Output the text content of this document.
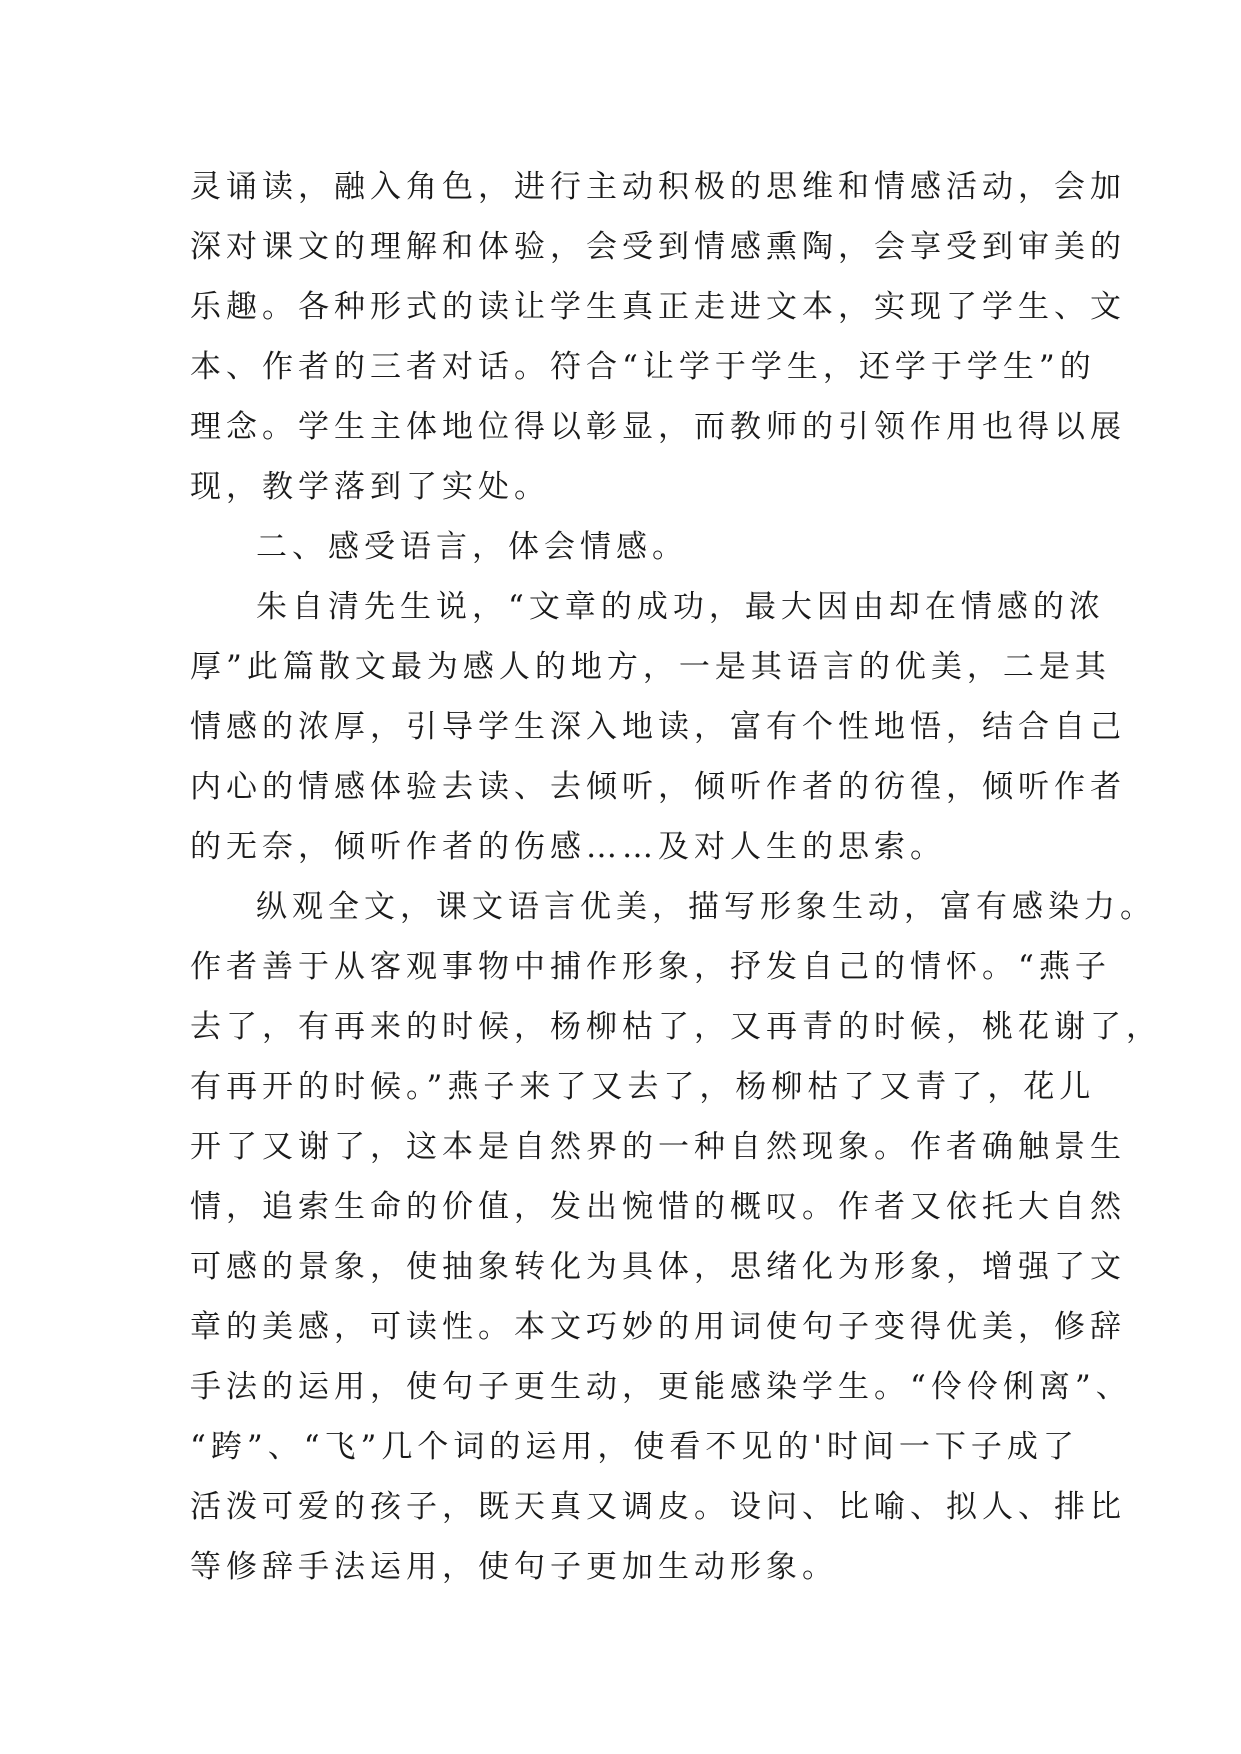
灵诵读，融入角色，进行主动积极的思维和情感活动，会加
深对课文的理解和体验，会受到情感熏陶，会享受到审美的
乐趣。各种形式的读让学生真正走进文本，实现了学生、文
本、作者的三者对话。符合“让学于学生，还学于学生”的
理念。学生主体地位得以彰显，而教师的引领作用也得以展
现，教学落到了实处。
二、感受语言，体会情感。
朱自清先生说，“文章的成功，最大因由却在情感的浓
厚”此篇散文最为感人的地方，一是其语言的优美，二是其
情感的浓厚，引导学生深入地读，富有个性地悟，结合自己
内心的情感体验去读、去倾听，倾听作者的彷徨，倾听作者
的无奈，倾听作者的伤感……及对人生的思索。
纵观全文，课文语言优美，描写形象生动，富有感染力。
作者善于从客观事物中捕作形象，抒发自己的情怀。“燕子
去了，有再来的时候，杨柳枯了，又再青的时候，桃花谢了，
有再开的时候。”燕子来了又去了，杨柳枯了又青了，花儿
开了又谢了，这本是自然界的一种自然现象。作者确触景生
情，追索生命的价值，发出惋惜的概叹。作者又依托大自然
可感的景象，使抽象转化为具体，思绪化为形象，增强了文
章的美感，可读性。本文巧妙的用词使句子变得优美，修辞
手法的运用，使句子更生动，更能感染学生。“伶伶俐离”、
“跨”、“飞”几个词的运用，使看不见的'时间一下子成了
活泼可爱的孩子，既天真又调皮。设问、比喻、拟人、排比
等修辞手法运用，使句子更加生动形象。
